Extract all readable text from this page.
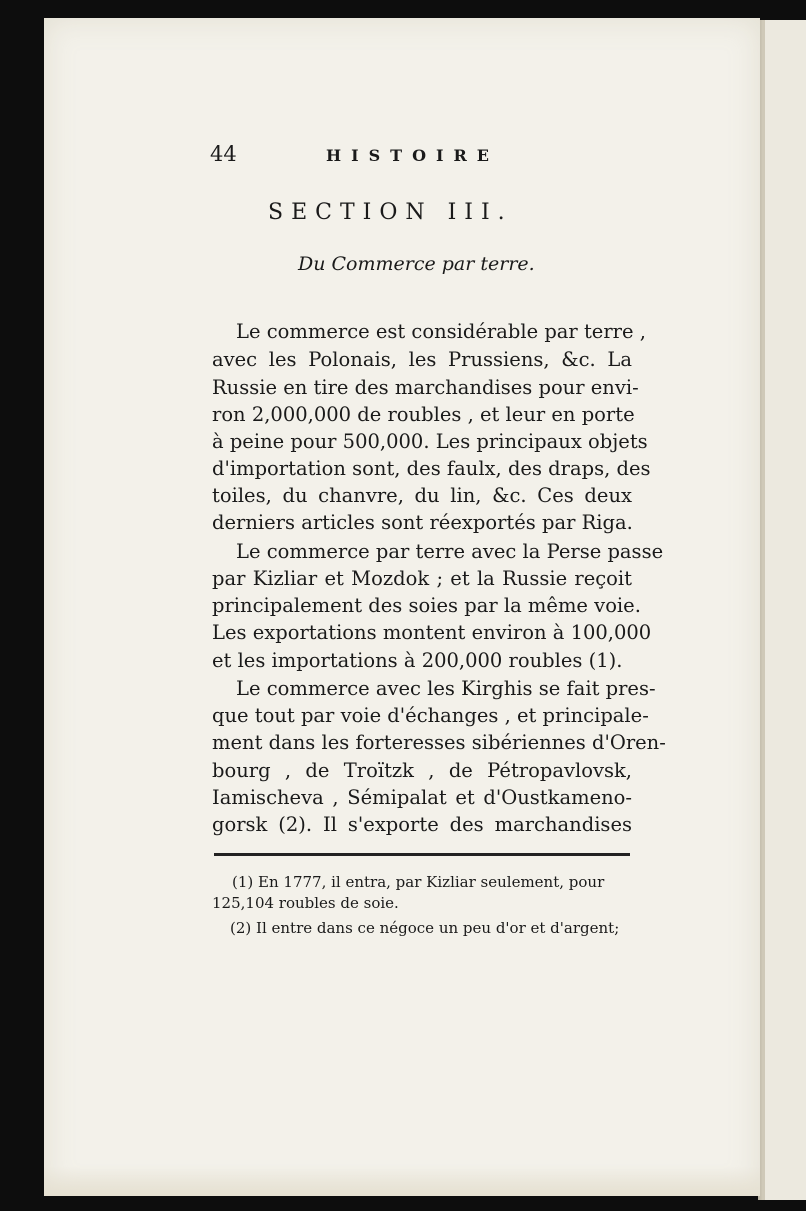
44	HISTOIRE
SECTION III.
Du Commerce par terre.
Le commerce est considérable par terre ,
avec les Polonais, les Prussiens, &c. La
Russie en tire des marchandises pour envi-
ron 2,000,000 de roubles , et leur en porte
à peine pour 500,000. Les principaux objets
d'importation sont, des faulx, des draps, des
toiles, du chanvre, du lin, &c. Ces deux
derniers articles sont réexportés par Riga.
Le commerce par terre avec la Perse passe
par Kizliar et Mozdok ; et la Russie reçoit
principalement des soies par la même voie.
Les exportations montent environ à 100,000
et les importations à 200,000 roubles (1).
Le commerce avec les Kirghis se fait pres-
que tout par voie d'échanges , et principale-
ment dans les forteresses sibériennes d'Oren-
bourg , de Troïtzk , de Pétropavlovsk,
Iamischeva , Sémipalat et d'Oustkameno-
gorsk (2). Il s'exporte des marchandises
(1) En 1777, il entra, par Kizliar seulement, pour
125,104 roubles de soie.
(2) Il entre dans ce négoce un peu d'or et d'argent;
